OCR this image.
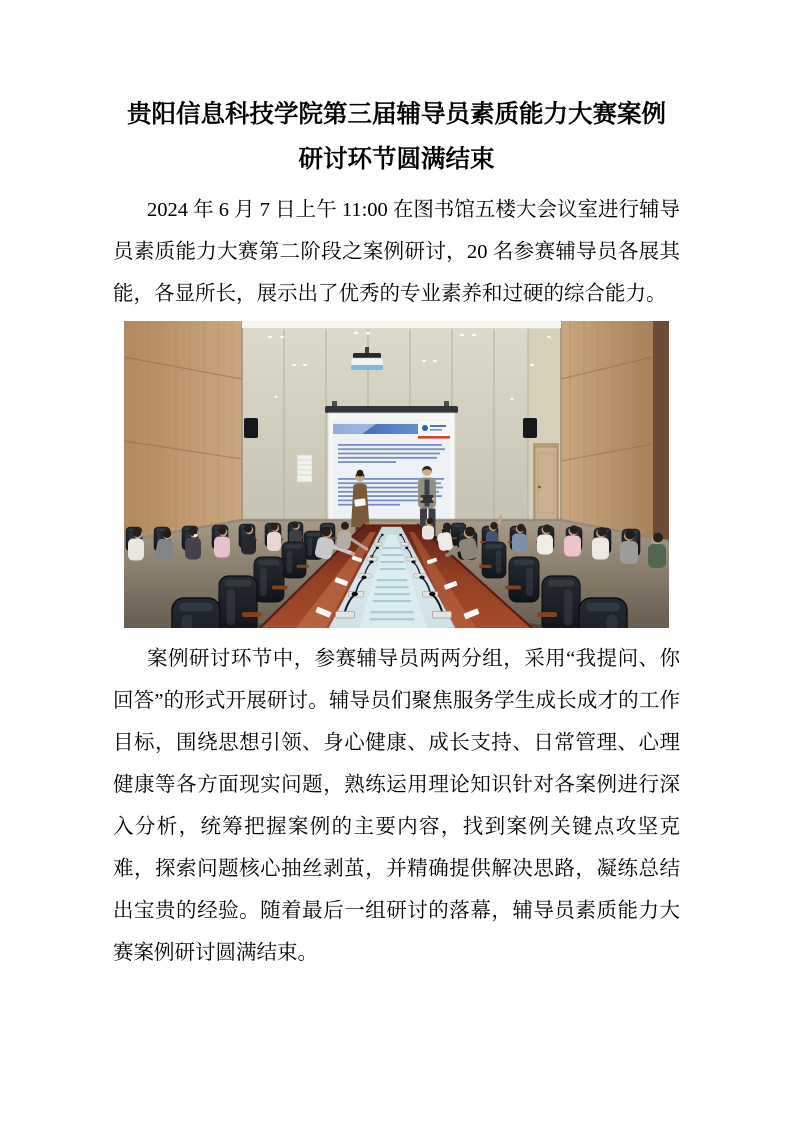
贵阳信息科技学院第三届辅导员素质能力大赛案例
研讨环节圆满结束

2024 年 6 月 7 日上午 11:00 在图书馆五楼大会议室进行辅导员素质能力大赛第二阶段之案例研讨，20 名参赛辅导员各展其能，各显所长，展示出了优秀的专业素养和过硬的综合能力。

案例研讨环节中，参赛辅导员两两分组，采用“我提问、你回答”的形式开展研讨。辅导员们聚焦服务学生成长成才的工作目标，围绕思想引领、身心健康、成长支持、日常管理、心理健康等各方面现实问题，熟练运用理论知识针对各案例进行深入分析，统筹把握案例的主要内容，找到案例关键点攻坚克难，探索问题核心抽丝剥茧，并精确提供解决思路，凝练总结出宝贵的经验。随着最后一组研讨的落幕，辅导员素质能力大赛案例研讨圆满结束。
